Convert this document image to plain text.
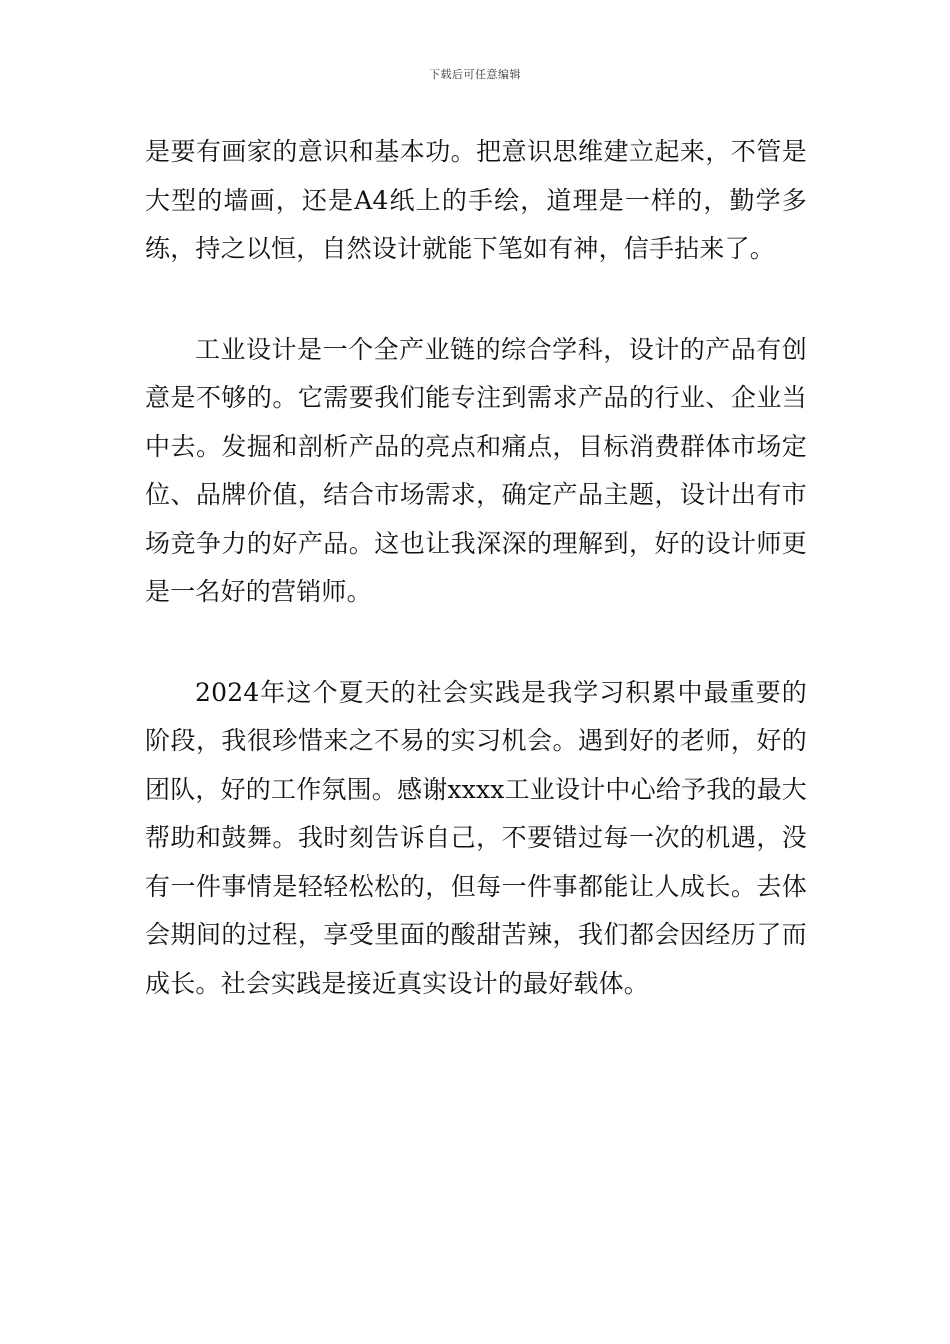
下载后可任意编辑

是要有画家的意识和基本功。把意识思维建立起来，不管是大型的墙画，还是A4纸上的手绘，道理是一样的，勤学多练，持之以恒，自然设计就能下笔如有神，信手拈来了。

工业设计是一个全产业链的综合学科，设计的产品有创意是不够的。它需要我们能专注到需求产品的行业、企业当中去。发掘和剖析产品的亮点和痛点，目标消费群体市场定位、品牌价值，结合市场需求，确定产品主题，设计出有市场竞争力的好产品。这也让我深深的理解到，好的设计师更是一名好的营销师。

2024年这个夏天的社会实践是我学习积累中最重要的阶段，我很珍惜来之不易的实习机会。遇到好的老师，好的团队，好的工作氛围。感谢xxxx工业设计中心给予我的最大帮助和鼓舞。我时刻告诉自己，不要错过每一次的机遇，没有一件事情是轻轻松松的，但每一件事都能让人成长。去体会期间的过程，享受里面的酸甜苦辣，我们都会因经历了而成长。社会实践是接近真实设计的最好载体。
